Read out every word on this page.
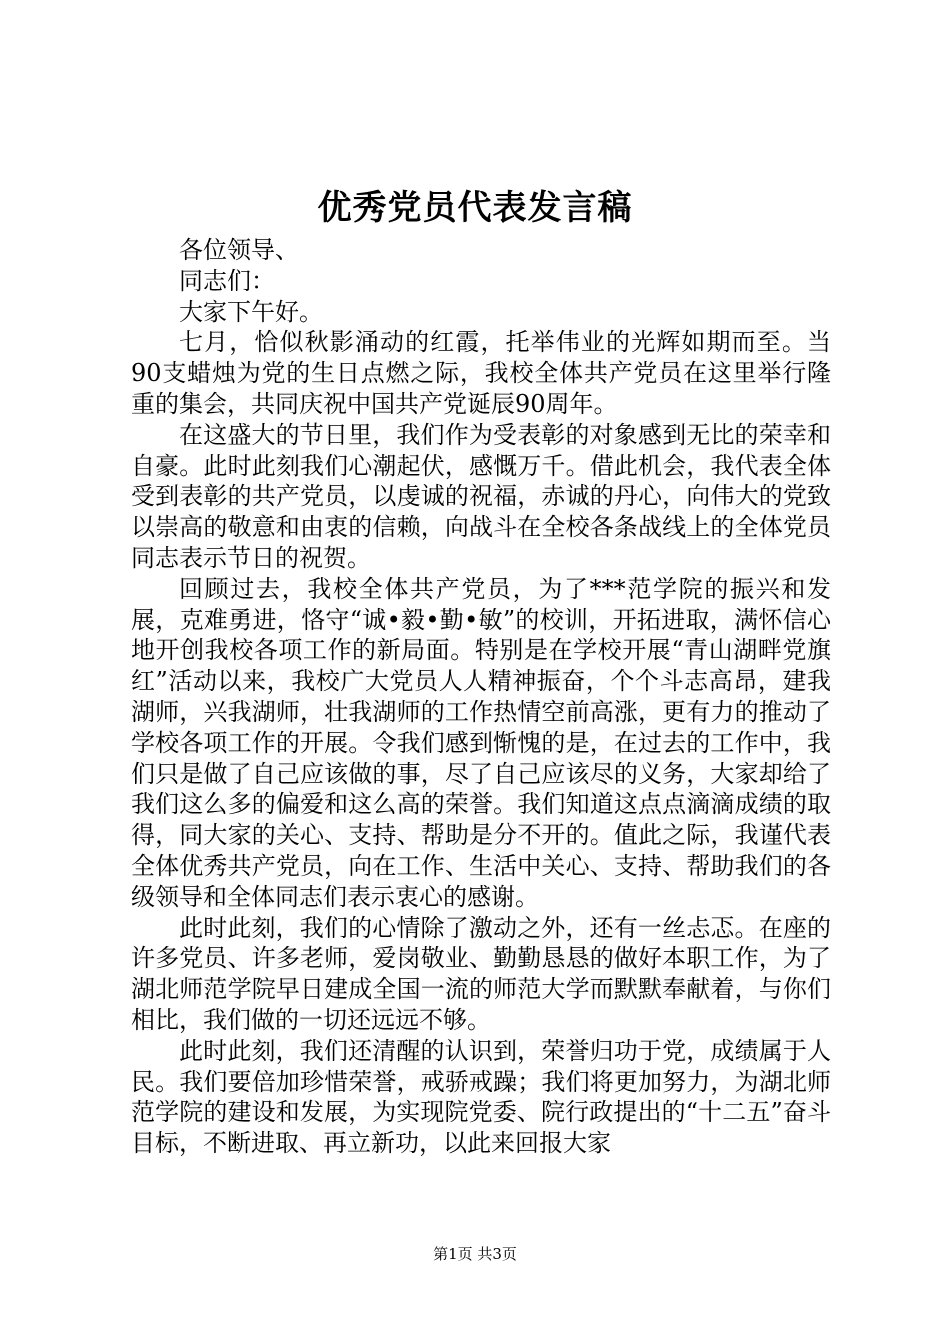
优秀党员代表发言稿

各位领导、

同志们：

大家下午好。

七月，恰似秋影涌动的红霞，托举伟业的光辉如期而至。当90支蜡烛为党的生日点燃之际，我校全体共产党员在这里举行隆重的集会，共同庆祝中国共产党诞辰90周年。

在这盛大的节日里，我们作为受表彰的对象感到无比的荣幸和自豪。此时此刻我们心潮起伏，感慨万千。借此机会，我代表全体受到表彰的共产党员，以虔诚的祝福，赤诚的丹心，向伟大的党致以崇高的敬意和由衷的信赖，向战斗在全校各条战线上的全体党员同志表示节日的祝贺。

回顾过去，我校全体共产党员，为了***范学院的振兴和发展，克难勇进，恪守“诚•毅•勤•敏”的校训，开拓进取，满怀信心地开创我校各项工作的新局面。特别是在学校开展“青山湖畔党旗红”活动以来，我校广大党员人人精神振奋，个个斗志高昂，建我湖师，兴我湖师，壮我湖师的工作热情空前高涨，更有力的推动了学校各项工作的开展。令我们感到惭愧的是，在过去的工作中，我们只是做了自己应该做的事，尽了自己应该尽的义务，大家却给了我们这么多的偏爱和这么高的荣誉。我们知道这点点滴滴成绩的取得，同大家的关心、支持、帮助是分不开的。值此之际，我谨代表全体优秀共产党员，向在工作、生活中关心、支持、帮助我们的各级领导和全体同志们表示衷心的感谢。

此时此刻，我们的心情除了激动之外，还有一丝忐忑。在座的许多党员、许多老师，爱岗敬业、勤勤恳恳的做好本职工作，为了湖北师范学院早日建成全国一流的师范大学而默默奉献着，与你们相比，我们做的一切还远远不够。

此时此刻，我们还清醒的认识到，荣誉归功于党，成绩属于人民。我们要倍加珍惜荣誉，戒骄戒躁；我们将更加努力，为湖北师范学院的建设和发展，为实现院党委、院行政提出的“十二五”奋斗目标，不断进取、再立新功，以此来回报大家

第1页 共3页
